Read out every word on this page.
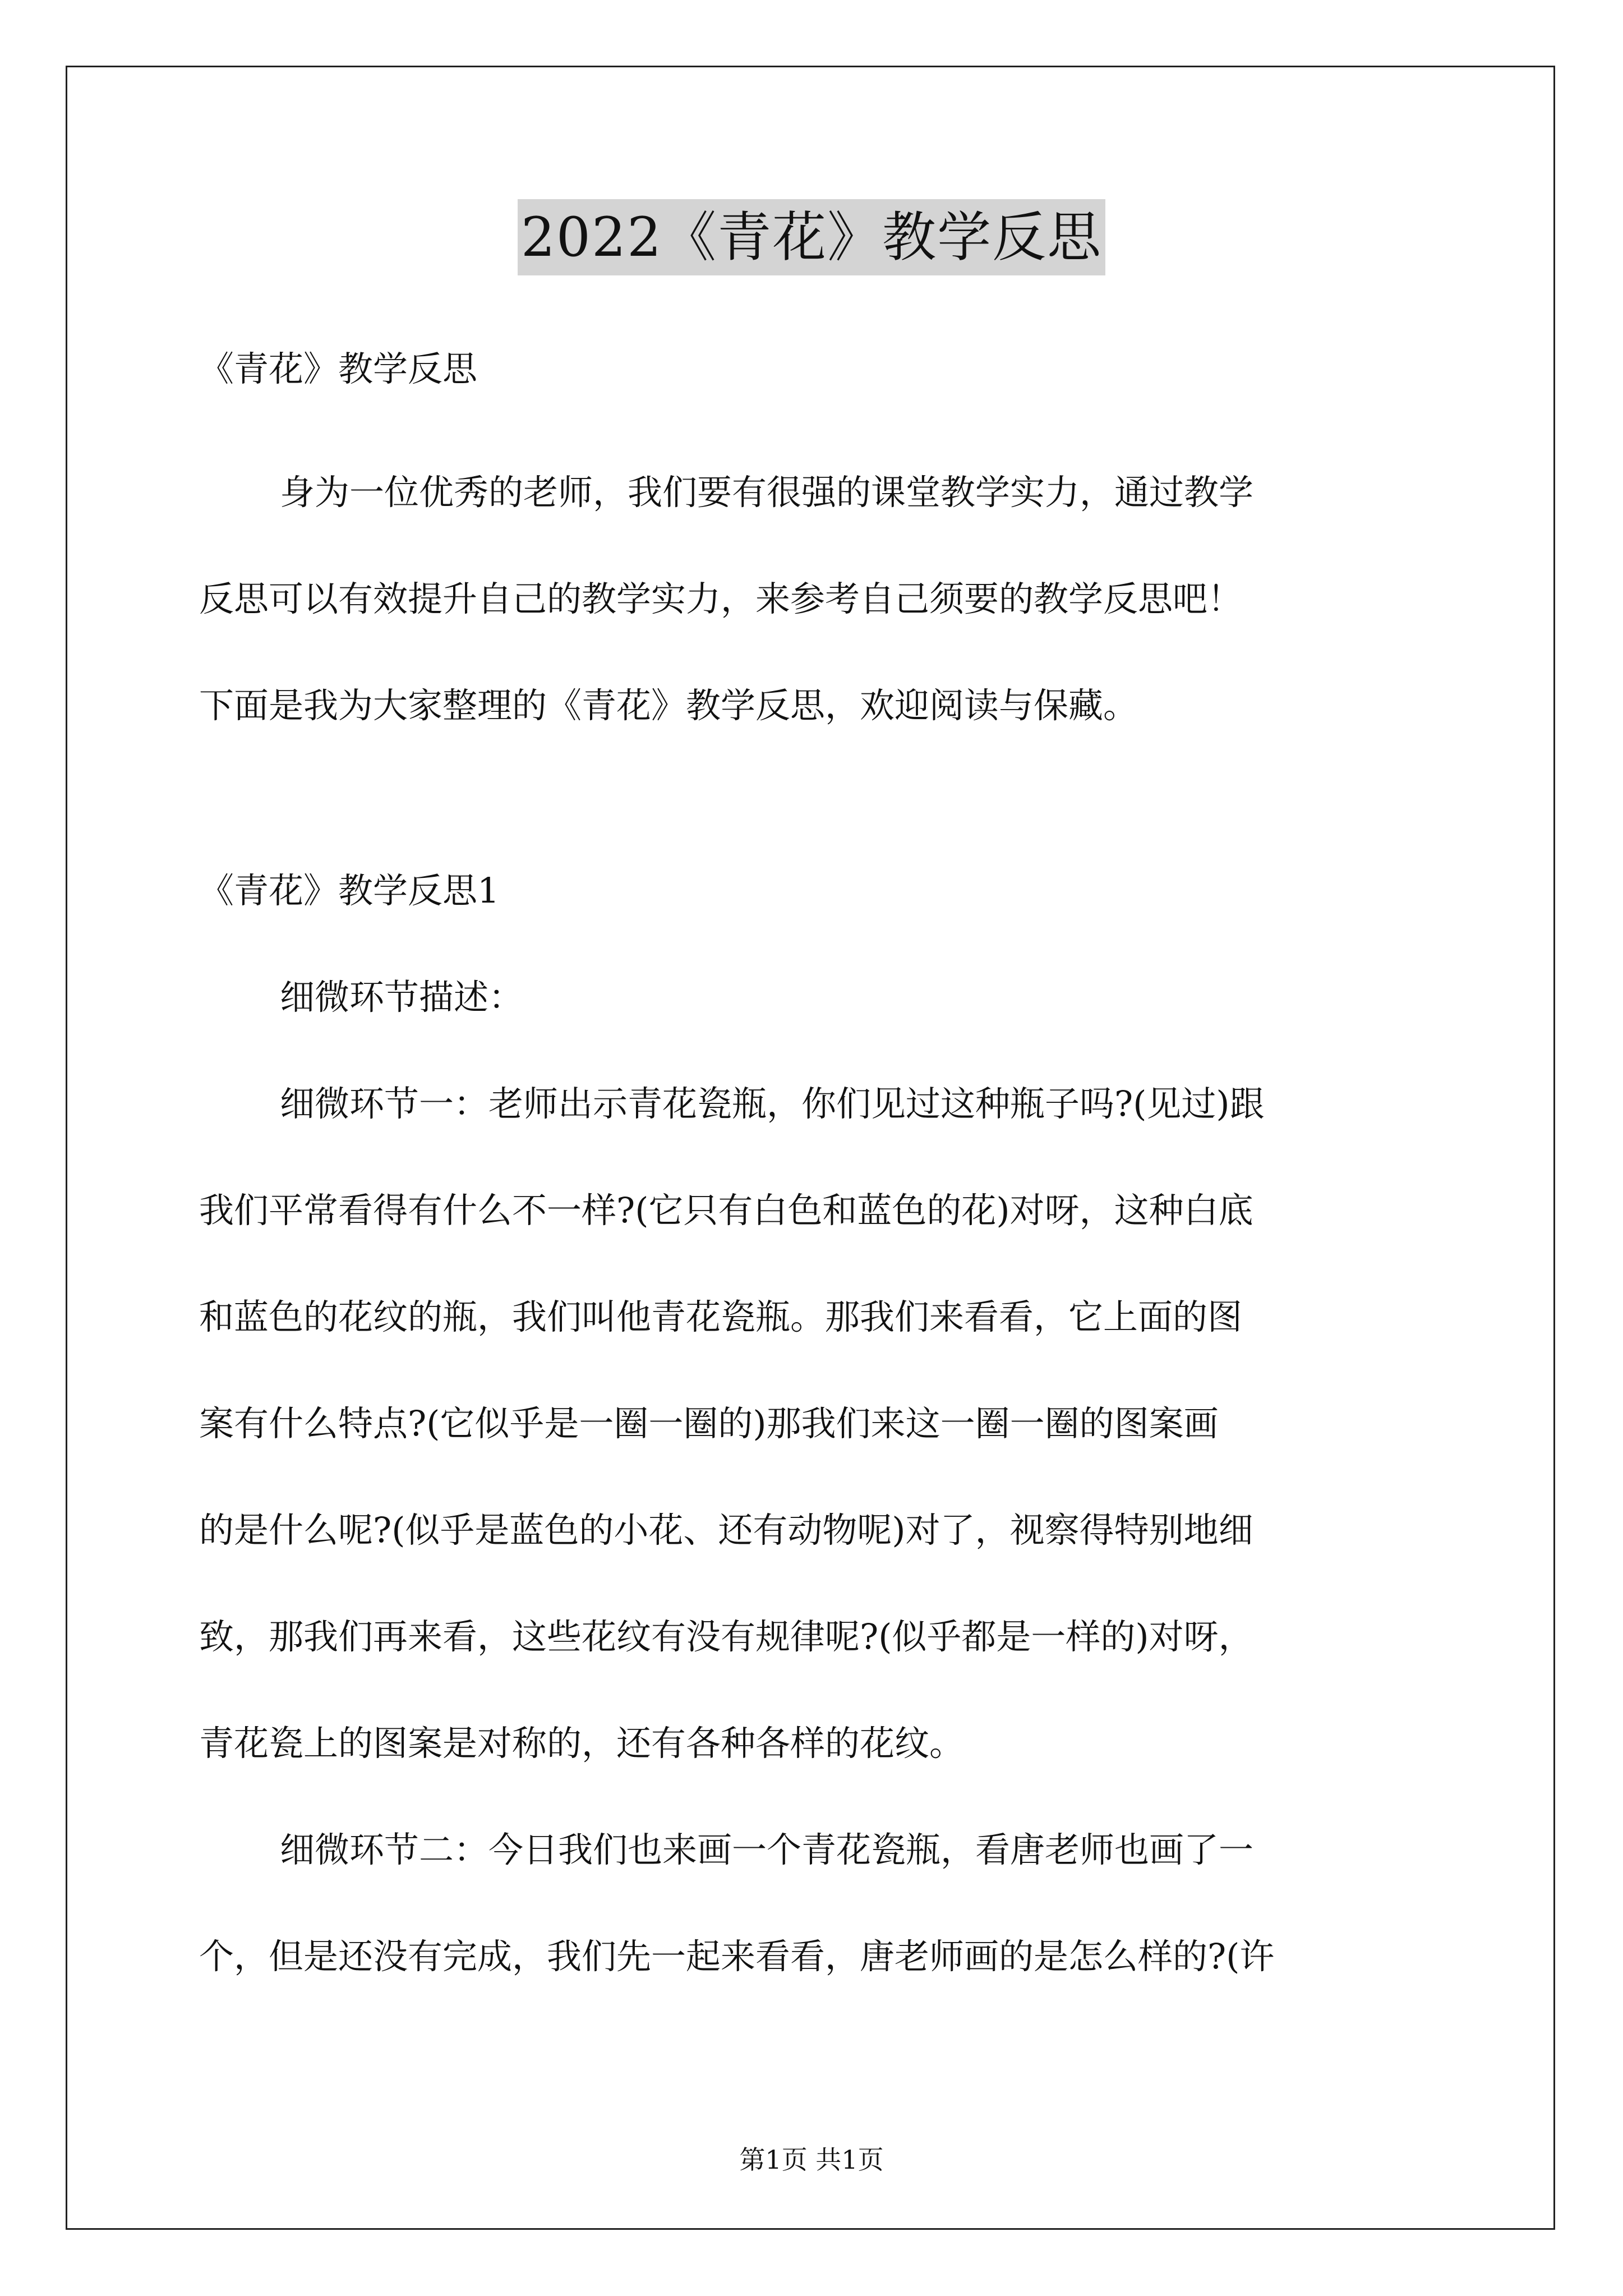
2022《青花》教学反思
《青花》教学反思
身为一位优秀的老师，我们要有很强的课堂教学实力，通过教学
反思可以有效提升自己的教学实力，来参考自己须要的教学反思吧！
下面是我为大家整理的《青花》教学反思，欢迎阅读与保藏。
《青花》教学反思1
细微环节描述：
细微环节一：老师出示青花瓷瓶，你们见过这种瓶子吗?(见过)跟
我们平常看得有什么不一样?(它只有白色和蓝色的花)对呀，这种白底
和蓝色的花纹的瓶，我们叫他青花瓷瓶。那我们来看看，它上面的图
案有什么特点?(它似乎是一圈一圈的)那我们来这一圈一圈的图案画
的是什么呢?(似乎是蓝色的小花、还有动物呢)对了，视察得特别地细
致，那我们再来看，这些花纹有没有规律呢?(似乎都是一样的)对呀，
青花瓷上的图案是对称的，还有各种各样的花纹。
细微环节二：今日我们也来画一个青花瓷瓶，看唐老师也画了一
个，但是还没有完成，我们先一起来看看，唐老师画的是怎么样的?(许
第1页 共1页
